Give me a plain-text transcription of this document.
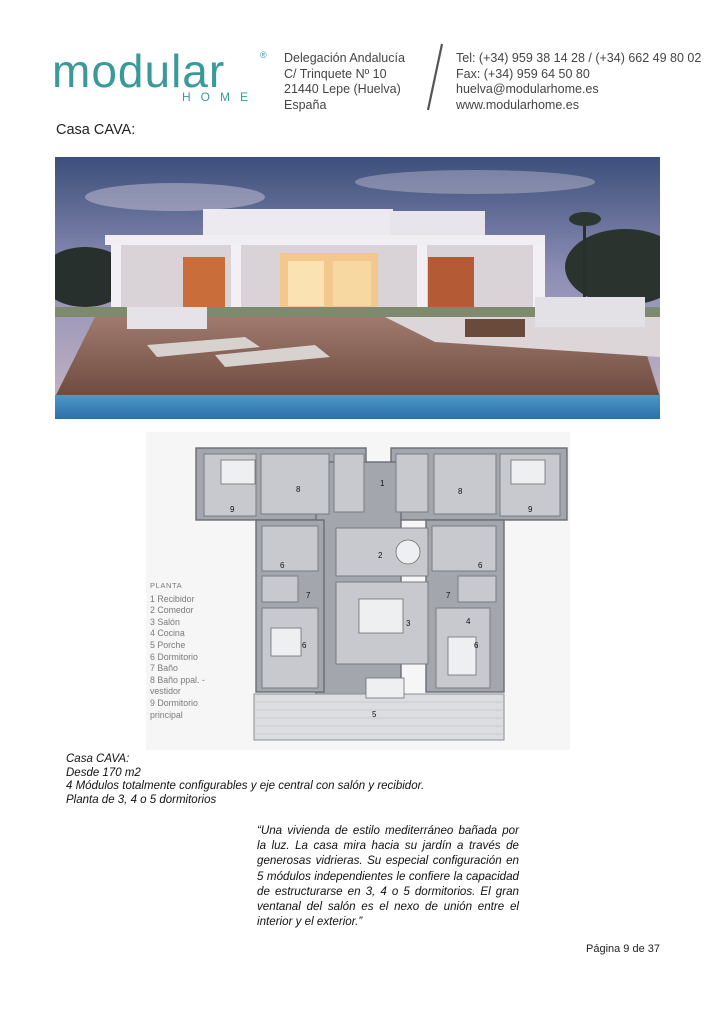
modular	®
HOME
Delegación Andalucía
C/ Trinquete Nº 10
21440 Lepe (Huelva)
España
Tel: (+34) 959 38 14 28 / (+34) 662 49 80 02
Fax: (+34) 959 64 50 80
huelva@modularhome.es
www.modularhome.es
Casa CAVA:
8
1
8
9	9
2
6	6
7	7
3	4
6	6
5
PLANTA
1 Recibidor
2 Comedor
3 Salón
4 Cocina
5 Porche
6 Dormitorio
7 Baño
8 Baño ppal. -
vestidor
9 Dormitorio
principal
Casa CAVA:
Desde 170 m2
4 Módulos totalmente configurables y eje central con salón y recibidor.
Planta de 3, 4 o 5 dormitorios
“Una vivienda de estilo mediterráneo bañada por la luz. La casa mira hacia su jardín a través de generosas vidrieras. Su especial configuración en 5 módulos independientes le confiere la capacidad de estructurarse en 3, 4 o 5 dormitorios. El gran ventanal del salón es el nexo de unión entre el interior y el exterior.”
Página 9 de 37
